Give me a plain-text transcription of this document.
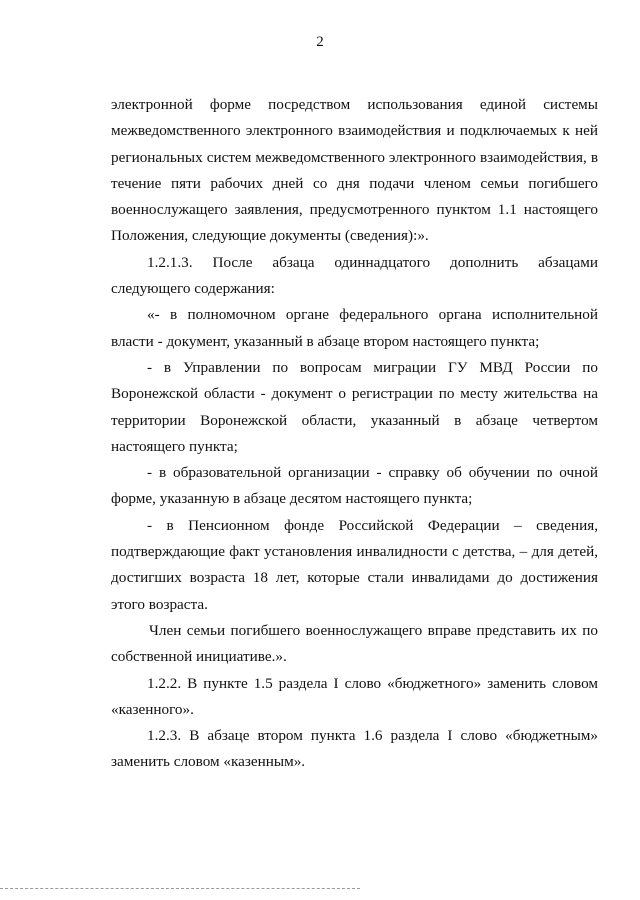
2

электронной форме посредством использования единой системы межведомственного электронного взаимодействия и подключаемых к ней региональных систем межведомственного электронного взаимодействия, в течение пяти рабочих дней со дня подачи членом семьи погибшего военнослужащего заявления, предусмотренного пунктом 1.1 настоящего Положения, следующие документы (сведения):».

1.2.1.3. После абзаца одиннадцатого дополнить абзацами следующего содержания:

«- в полномочном органе федерального органа исполнительной власти - документ, указанный в абзаце втором настоящего пункта;

- в Управлении по вопросам миграции ГУ МВД России по Воронежской области - документ о регистрации по месту жительства на территории Воронежской области, указанный в абзаце четвертом настоящего пункта;

- в образовательной организации - справку об обучении по очной форме, указанную в абзаце десятом настоящего пункта;

- в Пенсионном фонде Российской Федерации – сведения, подтверждающие факт установления инвалидности с детства, – для детей, достигших возраста 18 лет, которые стали инвалидами до достижения этого возраста.

Член семьи погибшего военнослужащего вправе представить их по собственной инициативе.».

1.2.2. В пункте 1.5 раздела I слово «бюджетного» заменить словом «казенного».

1.2.3. В абзаце втором пункта 1.6 раздела I слово «бюджетным» заменить словом «казенным».
